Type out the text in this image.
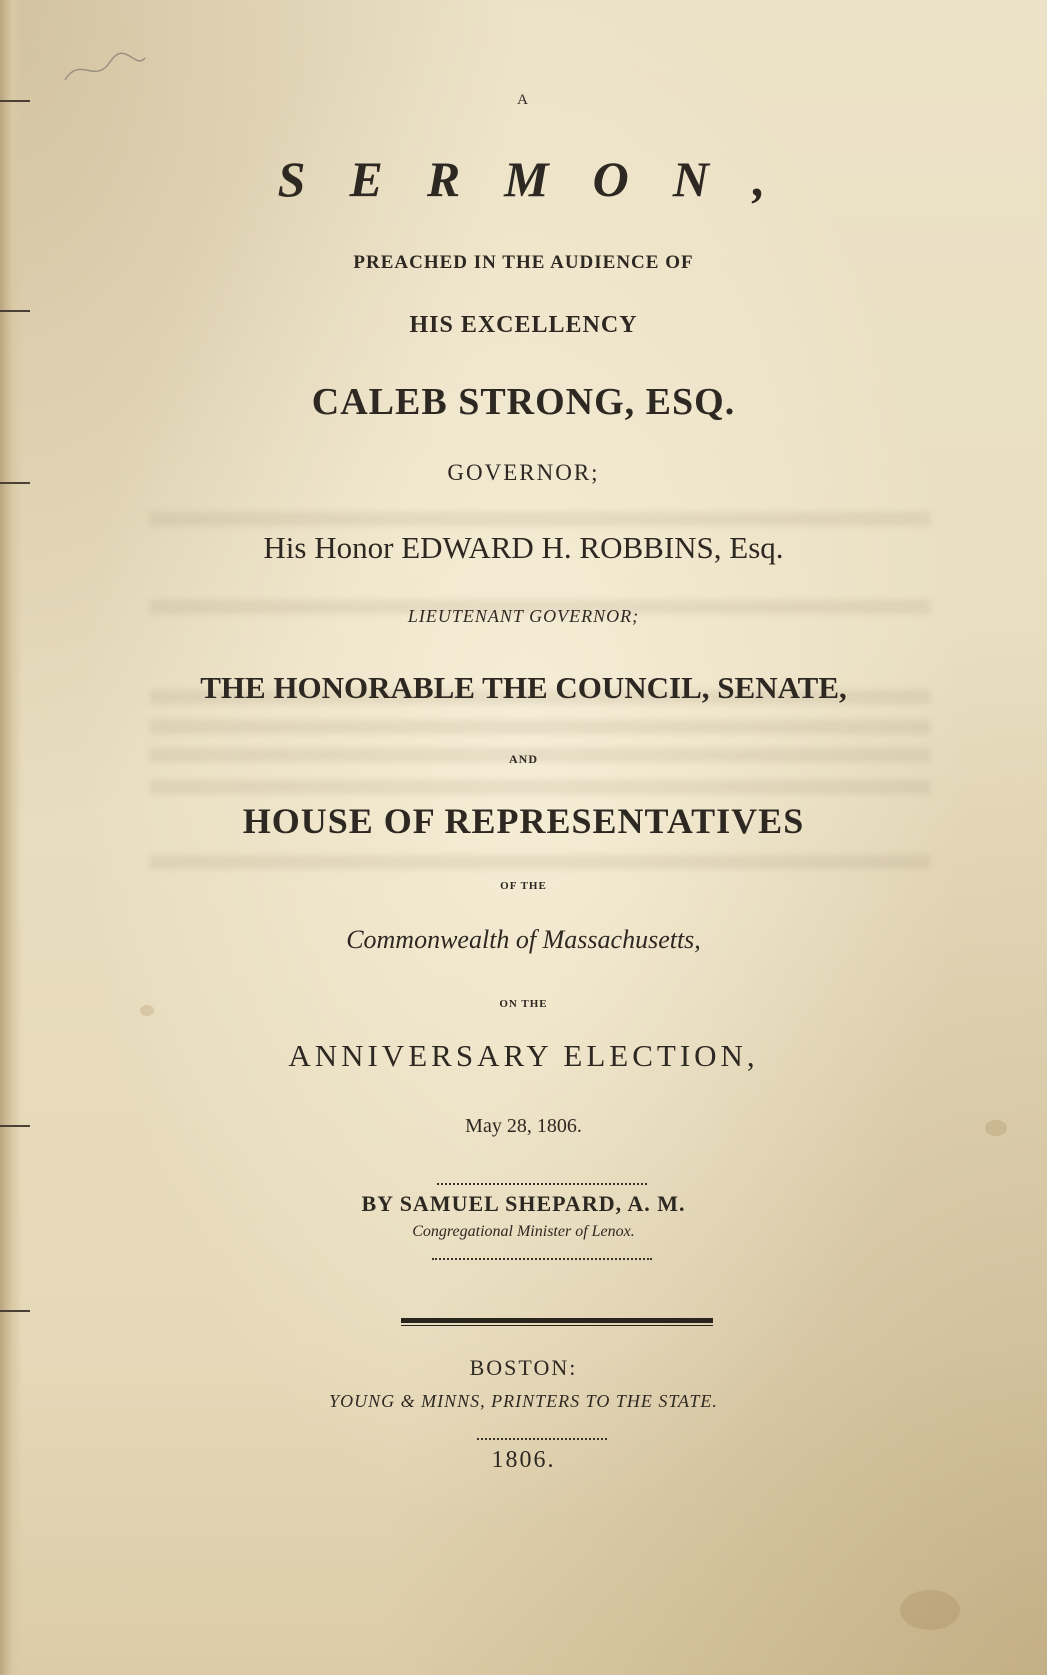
A
SERMON,
PREACHED IN THE AUDIENCE OF
HIS EXCELLENCY
CALEB STRONG, ESQ.
GOVERNOR;
His Honor EDWARD H. ROBBINS, Esq.
LIEUTENANT GOVERNOR;
THE HONORABLE THE COUNCIL, SENATE,
AND
HOUSE OF REPRESENTATIVES
OF THE
Commonwealth of Massachusetts,
ON THE
ANNIVERSARY ELECTION,
May 28, 1806.
BY SAMUEL SHEPARD, A. M.
Congregational Minister of Lenox.
BOSTON:
YOUNG & MINNS, PRINTERS TO THE STATE.
1806.
